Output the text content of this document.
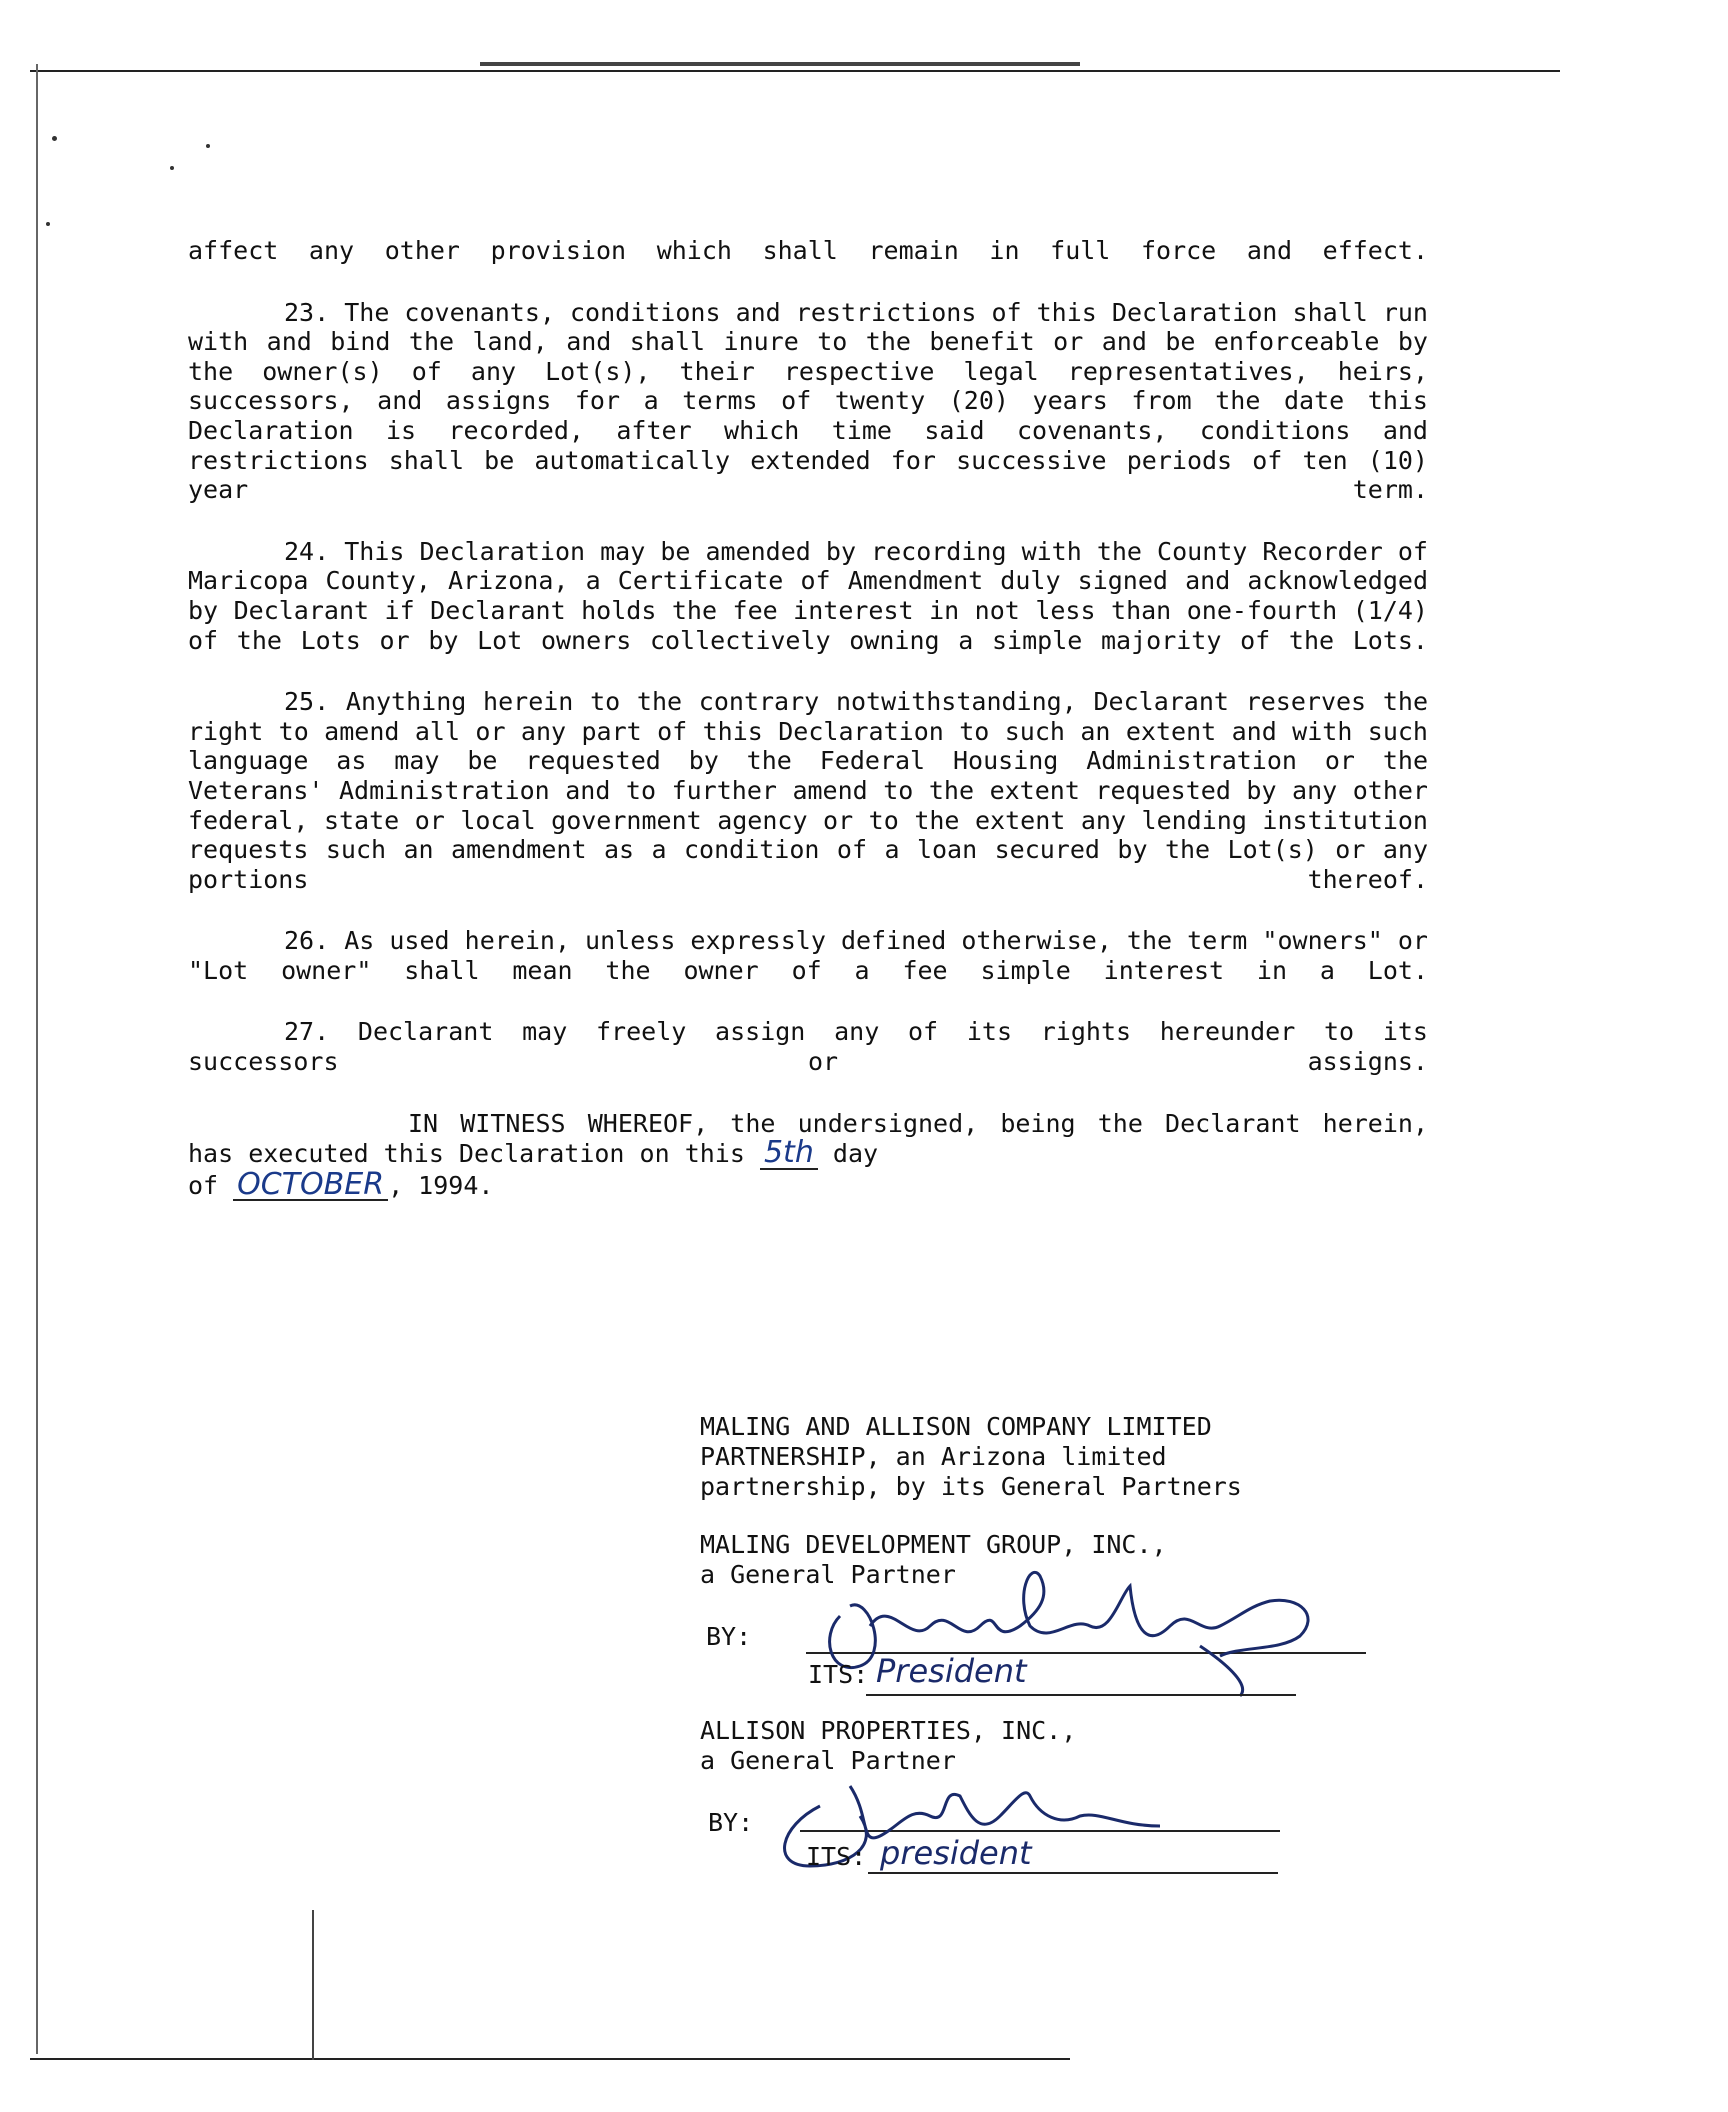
affect any other provision which shall remain in full force and effect.
23. The covenants, conditions and restrictions of this Declaration shall run with and bind the land, and shall inure to the benefit or and be enforceable by the owner(s) of any Lot(s), their respective legal representatives, heirs, successors, and assigns for a terms of twenty (20) years from the date this Declaration is recorded, after which time said covenants, conditions and restrictions shall be automatically extended for successive periods of ten (10) year term.
24. This Declaration may be amended by recording with the County Recorder of Maricopa County, Arizona, a Certificate of Amendment duly signed and acknowledged by Declarant if Declarant holds the fee interest in not less than one-fourth (1/4) of the Lots or by Lot owners collectively owning a simple majority of the Lots.
25. Anything herein to the contrary notwithstanding, Declarant reserves the right to amend all or any part of this Declaration to such an extent and with such language as may be requested by the Federal Housing Administration or the Veterans' Administration and to further amend to the extent requested by any other federal, state or local government agency or to the extent any lending institution requests such an amendment as a condition of a loan secured by the Lot(s) or any portions thereof.
26. As used herein, unless expressly defined otherwise, the term "owners" or "Lot owner" shall mean the owner of a fee simple interest in a Lot.
27. Declarant may freely assign any of its rights hereunder to its successors or assigns.
IN WITNESS WHEREOF, the undersigned, being the Declarant herein, has executed this Declaration on this 5th day
of OCTOBER , 1994.

MALING AND ALLISON COMPANY LIMITED

PARTNERSHIP, an Arizona limited

partnership, by its General Partners

MALING DEVELOPMENT GROUP, INC.,

a General Partner

BY:
ITS: President

ALLISON PROPERTIES, INC.,

a General Partner

BY:
ITS: president
